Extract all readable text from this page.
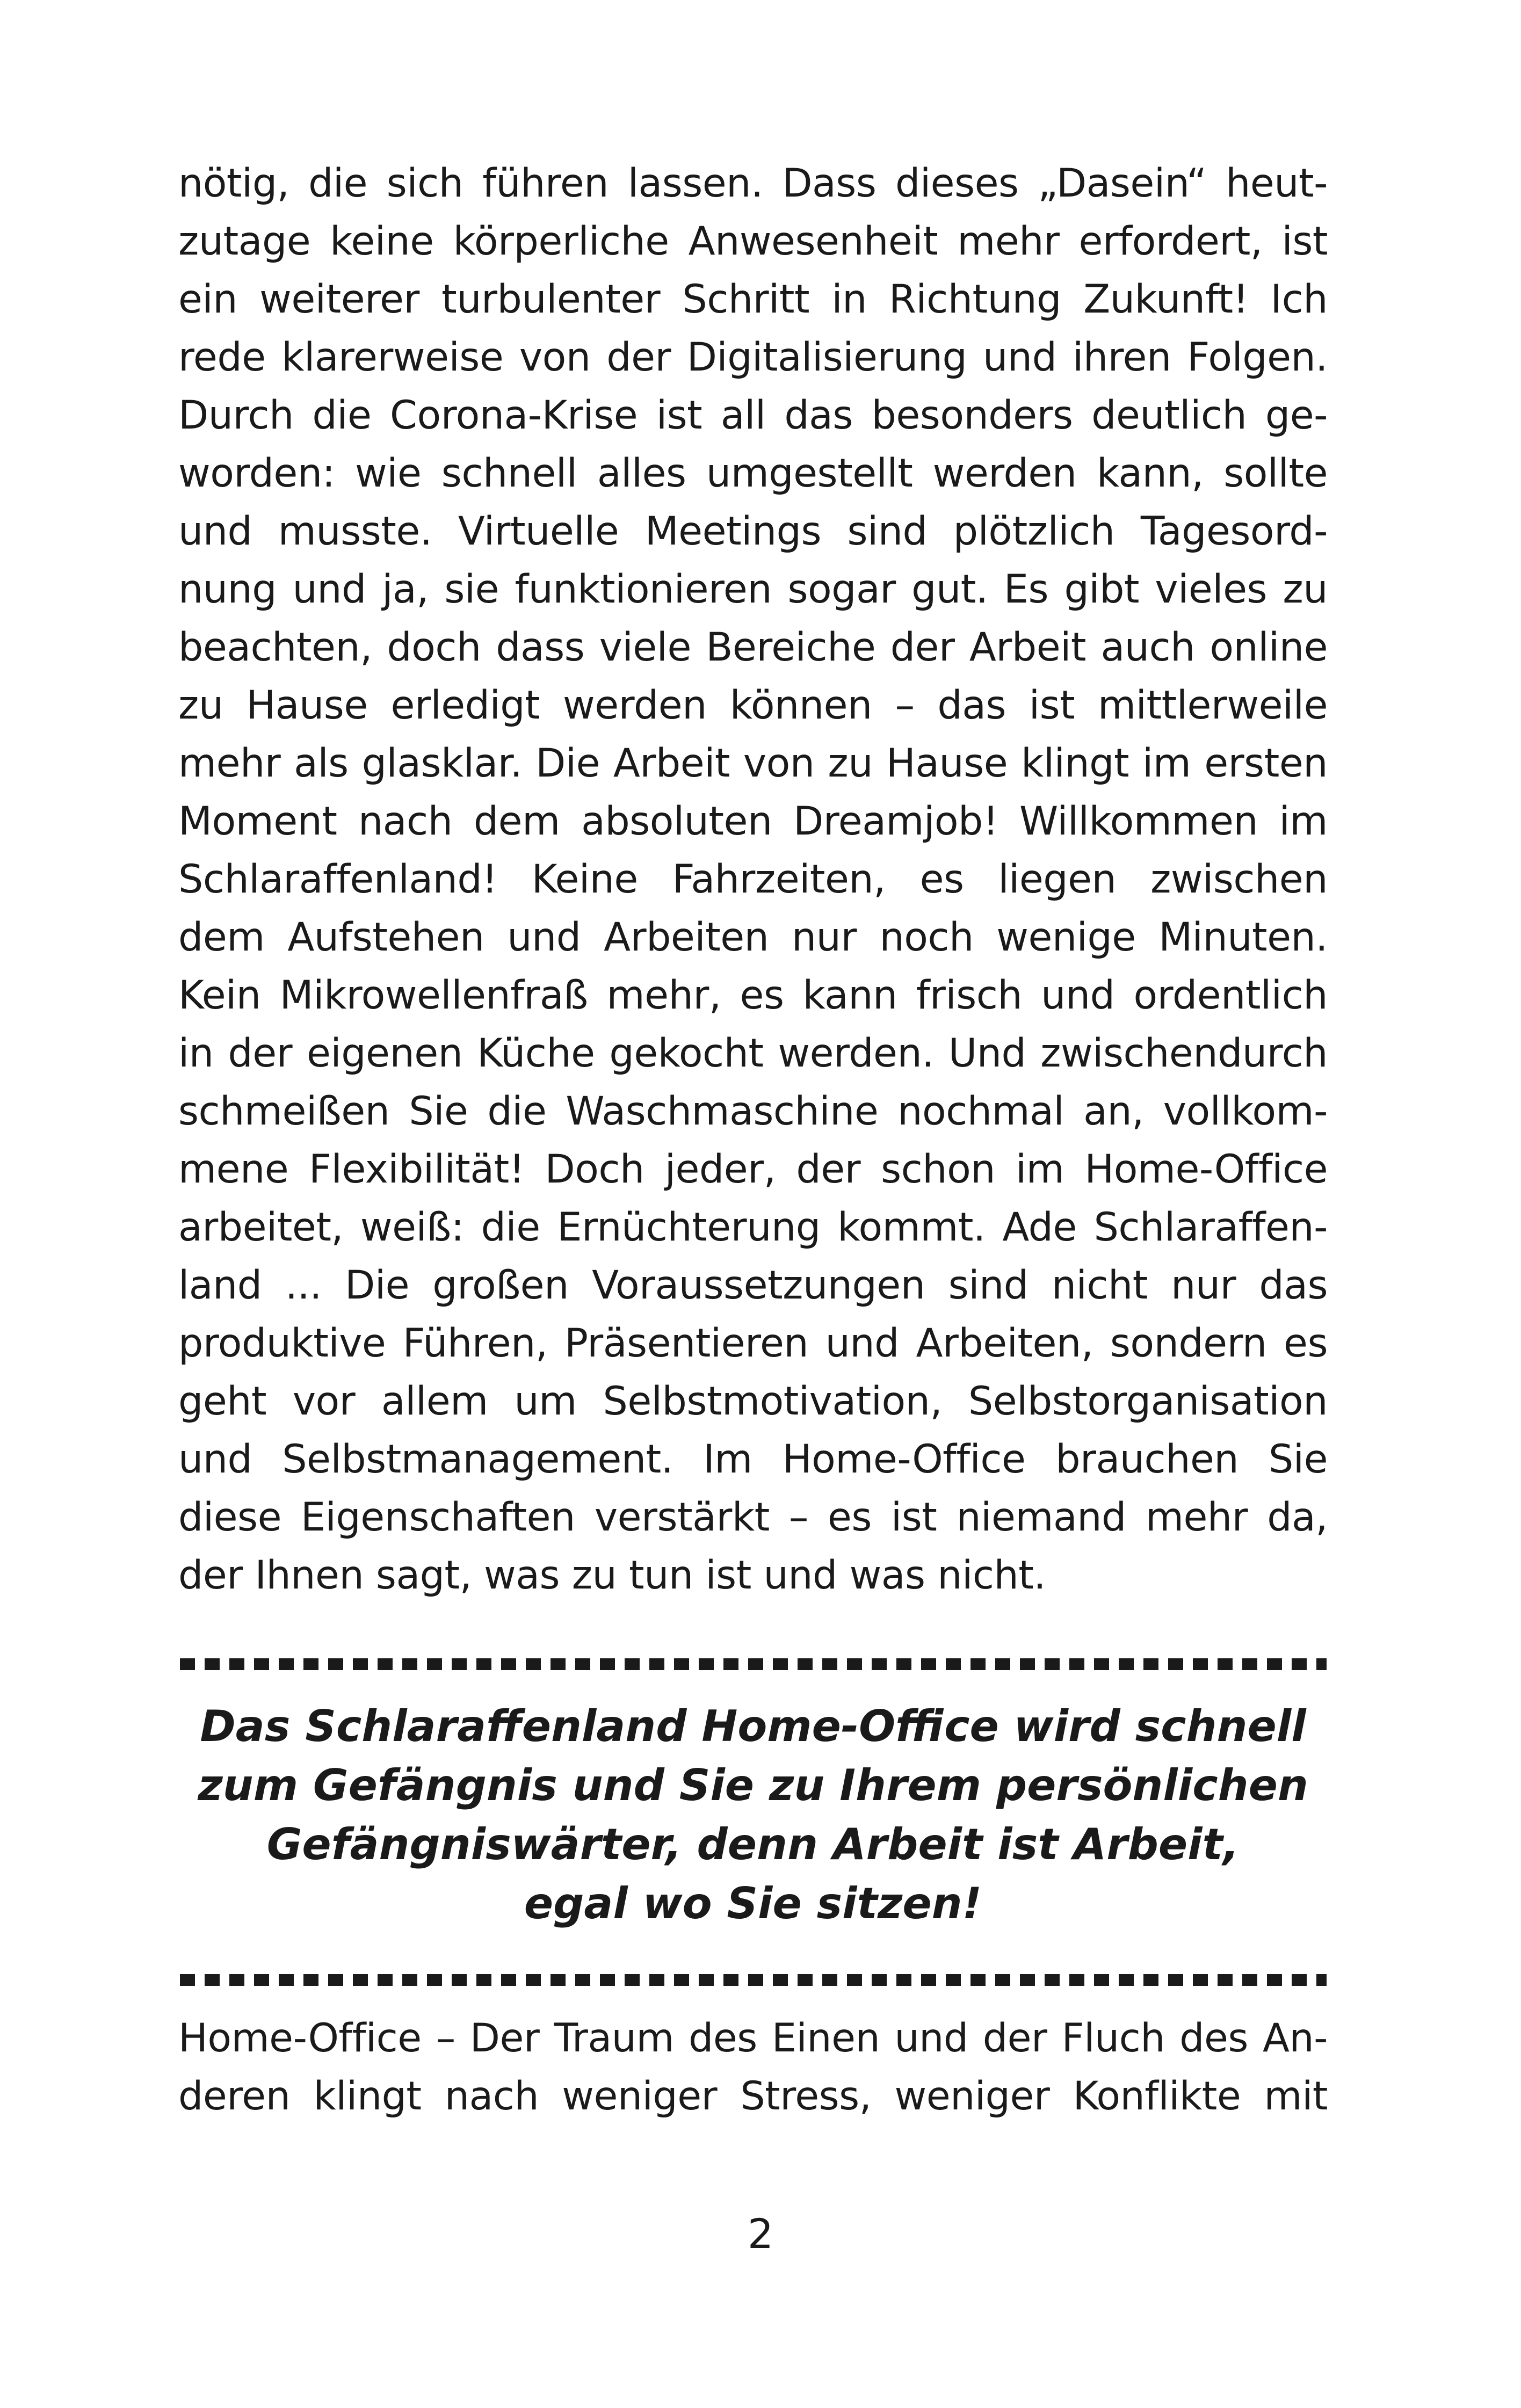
nötig, die sich führen lassen. Dass dieses „Dasein“ heut-
zutage keine körperliche Anwesenheit mehr erfordert, ist
ein weiterer turbulenter Schritt in Richtung Zukunft! Ich
rede klarerweise von der Digitalisierung und ihren Folgen.
Durch die Corona-Krise ist all das besonders deutlich ge-
worden: wie schnell alles umgestellt werden kann, sollte
und musste. Virtuelle Meetings sind plötzlich Tagesord-
nung und ja, sie funktionieren sogar gut. Es gibt vieles zu
beachten, doch dass viele Bereiche der Arbeit auch online
zu Hause erledigt werden können – das ist mittlerweile
mehr als glasklar. Die Arbeit von zu Hause klingt im ersten
Moment nach dem absoluten Dreamjob! Willkommen im
Schlaraffenland! Keine Fahrzeiten, es liegen zwischen
dem Aufstehen und Arbeiten nur noch wenige Minuten.
Kein Mikrowellenfraß mehr, es kann frisch und ordentlich
in der eigenen Küche gekocht werden. Und zwischendurch
schmeißen Sie die Waschmaschine nochmal an, vollkom-
mene Flexibilität! Doch jeder, der schon im Home-Office
arbeitet, weiß: die Ernüchterung kommt. Ade Schlaraffen-
land ... Die großen Voraussetzungen sind nicht nur das
produktive Führen, Präsentieren und Arbeiten, sondern es
geht vor allem um Selbstmotivation, Selbstorganisation
und Selbstmanagement. Im Home-Office brauchen Sie
diese Eigenschaften verstärkt – es ist niemand mehr da,
der Ihnen sagt, was zu tun ist und was nicht.
Das Schlaraffenland Home-Office wird schnell
zum Gefängnis und Sie zu Ihrem persönlichen
Gefängniswärter, denn Arbeit ist Arbeit,
egal wo Sie sitzen!
Home-Office – Der Traum des Einen und der Fluch des An-
deren klingt nach weniger Stress, weniger Konflikte mit
2
